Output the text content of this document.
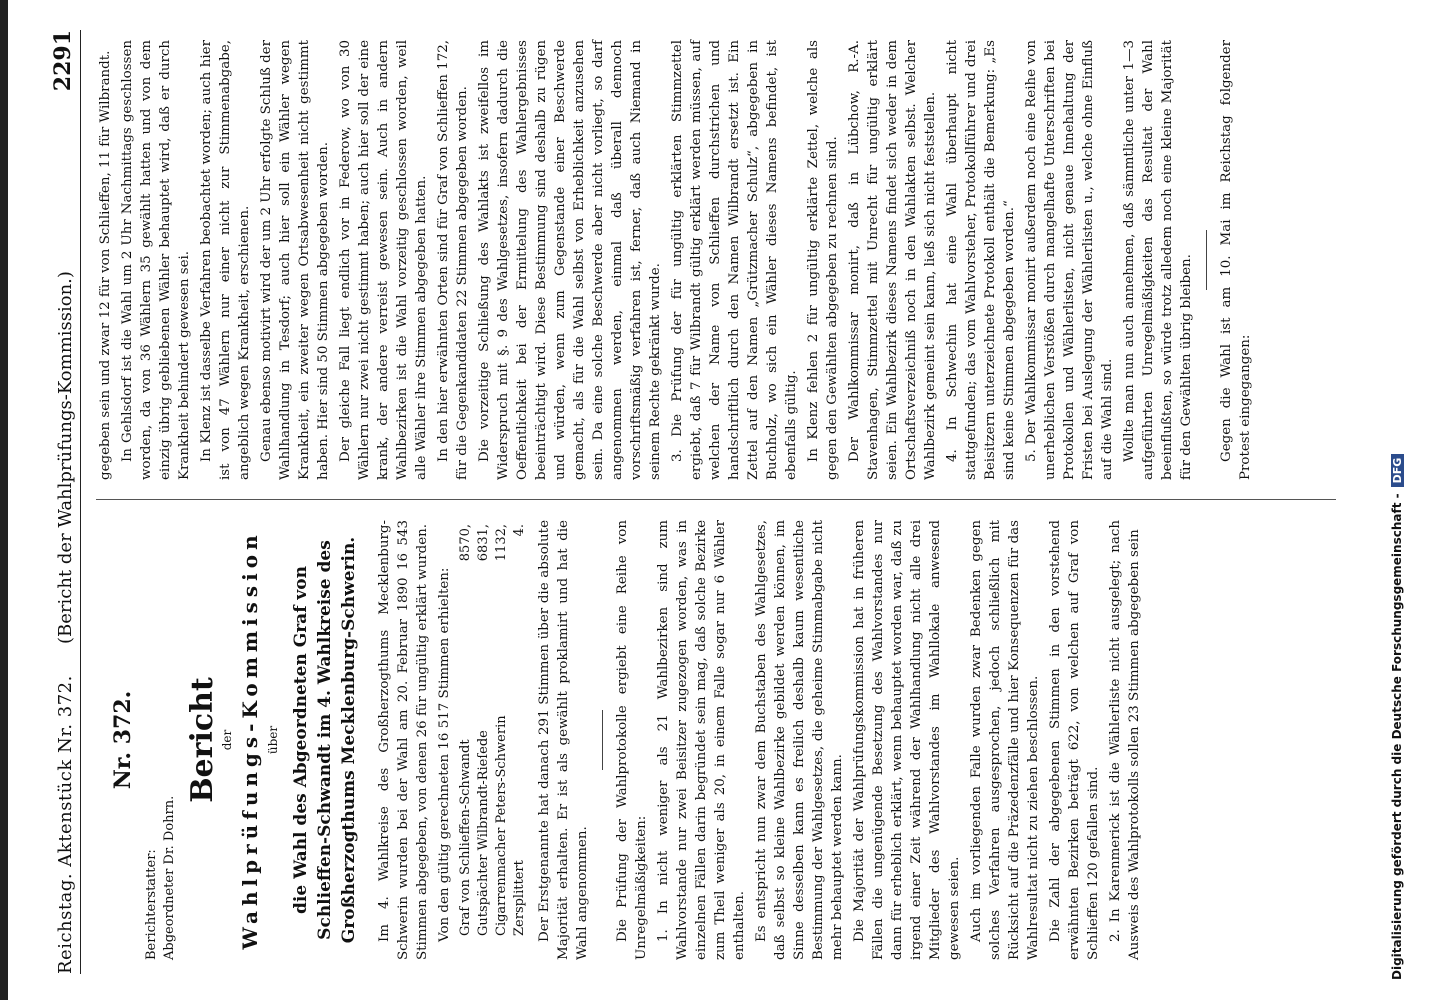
Reichstag. Aktenstück Nr. 372.
(Bericht der Wahlprüfungs-Kommission.)
2291
Nr. 372.
Berichterstatter: Abgeordneter Dr. Dohrn.
Bericht der Wahlprüfungs-Kommission über die Wahl des Abgeordneten Graf von Schlieffen-Schwandt im 4. Wahlkreise des Großherzogthums Mecklenburg-Schwerin. Im 4. Wahlkreise des Großherzogthums Mecklenburg-Schwerin wurden bei der Wahl am 20. Februar 1890 16 543 Stimmen abgegeben, von denen 26 für ungültig erklärt wurden. Von den gültig gerechneten 16 517 Stimmen erhielten: Graf von Schlieffen-Schwandt	8570,
Gutspächter Wilbrandt-Rieſede	6831,
Cigarrenmacher Peters-Schwerin	1132,
Zersplittert	4. Der Erstgenannte hat danach 291 Stimmen über die absolute Majorität erhalten. Er ist als gewählt proklamirt und hat die Wahl angenommen. Die Prüfung der Wahlprotokolle ergiebt eine Reihe von Unregelmäßigkeiten: 1. In nicht weniger als 21 Wahlbezirken sind zum Wahlvorstande nur zwei Beisitzer zugezogen worden, was in einzelnen Fällen darin begründet sein mag, daß solche Bezirke zum Theil weniger als 20, in einem Falle sogar nur 6 Wähler enthalten. Es entspricht nun zwar dem Buchstaben des Wahlgesetzes, daß selbst so kleine Wahlbezirke gebildet werden können, im Sinne desselben kann es freilich deshalb kaum wesentliche Bestimmung der Wahlgesetzes, die geheime Stimmabgabe nicht mehr behauptet werden kann. Die Majorität der Wahlprüfungskommission hat in früheren Fällen die ungenügende Besetzung des Wahlvorstandes nur dann für erheblich erklärt, wenn behauptet worden war, daß zu irgend einer Zeit während der Wahlhandlung nicht alle drei Mitglieder des Wahlvorstandes im Wahllokale anwesend gewesen seien. Auch im vorliegenden Falle wurden zwar Bedenken gegen solches Verfahren ausgesprochen, jedoch schließlich mit Rücksicht auf die Präzedenzfälle und hier Konsequenzen für das Wahlresultat nicht zu ziehen beschlossen. Die Zahl der abgegebenen Stimmen in den vorstehend erwähnten Bezirken beträgt 622, von welchen auf Graf von Schlieffen 120 gefallen sind. 2. In Karenmerick ist die Wählerliste nicht ausgelegt; nach Ausweis des Wahlprotokolls sollen 23 Stimmen abgegeben sein

gegeben sein und zwar 12 für von Schlieffen, 11 für Wilbrandt. In Gehlsdorf ist die Wahl um 2 Uhr Nachmittags geschlossen worden, da von 36 Wählern 35 gewählt hatten und von dem einzig übrig gebliebenen Wähler behauptet wird, daß er durch Krankheit behindert gewesen sei. In Klenz ist dasselbe Verfahren beobachtet worden; auch hier ist von 47 Wählern nur einer nicht zur Stimmenabgabe, angeblich wegen Krankheit, erschienen. Genau ebenso motivirt wird der um 2 Uhr erfolgte Schluß der Wahlhandlung in Tesdorf; auch hier soll ein Wähler wegen Krankheit, ein zweiter wegen Ortsabwesenheit nicht gestimmt haben. Hier sind 50 Stimmen abgegeben worden. Der gleiche Fall liegt endlich vor in Federow, wo von 30 Wählern nur zwei nicht gestimmt haben; auch hier soll der eine krank, der andere verreist gewesen sein. Auch in andern Wahlbezirken ist die Wahl vorzeitig geschlossen worden, weil alle Wähler ihre Stimmen abgegeben hatten. In den hier erwähnten Orten sind für Graf von Schlieffen 172, für die Gegenkandidaten 22 Stimmen abgegeben worden. Die vorzeitige Schließung des Wahlakts ist zweifellos im Widerspruch mit §. 9 des Wahlgesetzes, insofern dadurch die Oeffentlichkeit bei der Ermittelung des Wahlergebnisses beeinträchtigt wird. Diese Bestimmung sind deshalb zu rügen und würden, wenn zum Gegenstande einer Beschwerde gemacht, als für die Wahl selbst von Erheblichkeit anzusehen sein. Da eine solche Beschwerde aber nicht vorliegt, so darf angenommen werden, einmal daß überall dennoch vorschriftsmäßig verfahren ist, ferner, daß auch Niemand in seinem Rechte gekränkt wurde. 3. Die Prüfung der für ungültig erklärten Stimmzettel ergiebt, daß 7 für Wilbrandt gültig erklärt werden müssen, auf welchen der Name von Schlieffen durchstrichen und handschriftlich durch den Namen Wilbrandt ersetzt ist. Ein Zettel auf den Namen „Grützmacher Schulz“, abgegeben in Buchholz, wo sich ein Wähler dieses Namens befindet, ist ebenfalls gültig. In Klenz fehlen 2 für ungültig erklärte Zettel, welche als gegen den Gewählten abgegeben zu rechnen sind. Der Wahlkommissar monirt, daß in Lübchow, R.-A. Stavenhagen, Stimmzettel mit Unrecht für ungültig erklärt seien. Ein Wahlbezirk dieses Namens findet sich weder in dem Ortschaftsverzeichniß noch in den Wahlakten selbst. Welcher Wahlbezirk gemeint sein kann, ließ sich nicht feststellen. 4. In Schwechin hat eine Wahl überhaupt nicht stattgefunden; das vom Wahlvorsteher, Protokollführer und drei Beisitzern unterzeichnete Protokoll enthält die Bemerkung: „Es sind keine Stimmen abgegeben worden.“ 5. Der Wahlkommissar monirt außerdem noch eine Reihe von unerheblichen Verstößen durch mangelhafte Unterschriften bei Protokollen und Wählerlisten, nicht genaue Innehaltung der Fristen bei Auslegung der Wählerlisten u., welche ohne Einfluß auf die Wahl sind. Wollte man nun auch annehmen, daß sämmtliche unter 1—3 aufgeführten Unregelmäßigkeiten das Resultat der Wahl beeinflußten, so würde trotz alledem noch eine kleine Majorität für den Gewählten übrig bleiben. Gegen die Wahl ist am 10. Mai im Reichstag folgender Protest eingegangen:

Digitalisierung gefördert durch die Deutsche Forschungsgemeinschaft -DFG
